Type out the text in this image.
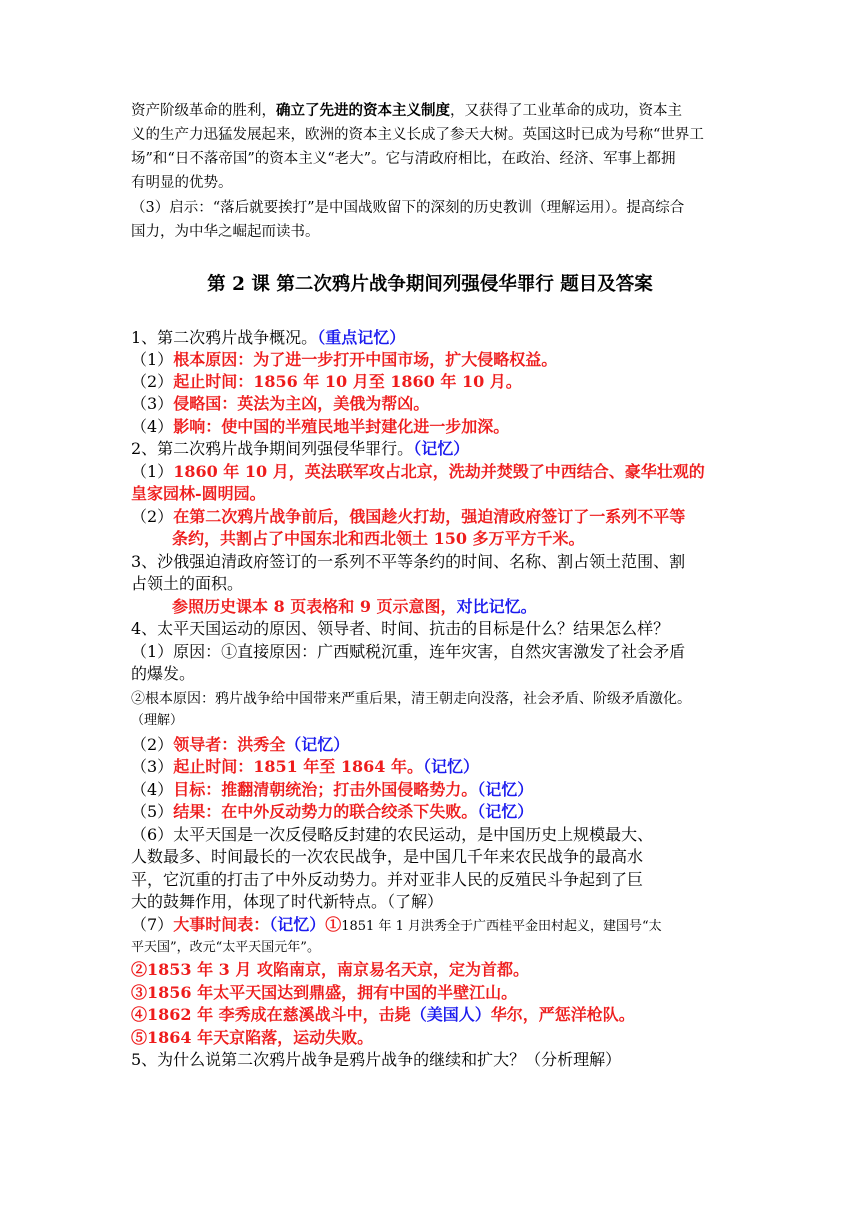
资产阶级革命的胜利，确立了先进的资本主义制度，又获得了工业革命的成功，资本主
义的生产力迅猛发展起来，欧洲的资本主义长成了参天大树。英国这时已成为号称“世界工
场”和“日不落帝国”的资本主义“老大”。它与清政府相比，在政治、经济、军事上都拥
有明显的优势。
（3）启示：“落后就要挨打”是中国战败留下的深刻的历史教训（理解运用）。提高综合
国力，为中华之崛起而读书。
第 2 课 第二次鸦片战争期间列强侵华罪行 题目及答案
1、第二次鸦片战争概况。（重点记忆）
（1）根本原因：为了进一步打开中国市场，扩大侵略权益。
（2）起止时间：1856 年 10 月至 1860 年 10 月。
（3）侵略国：英法为主凶，美俄为帮凶。
（4）影响：使中国的半殖民地半封建化进一步加深。
2、第二次鸦片战争期间列强侵华罪行。（记忆）
（1）1860 年 10 月，英法联军攻占北京，洗劫并焚毁了中西结合、豪华壮观的
皇家园林-圆明园。
（2）在第二次鸦片战争前后，俄国趁火打劫，强迫清政府签订了一系列不平等
条约，共割占了中国东北和西北领土 150 多万平方千米。
3、沙俄强迫清政府签订的一系列不平等条约的时间、名称、割占领土范围、割
占领土的面积。
参照历史课本 8 页表格和 9 页示意图，对比记忆。
4、太平天国运动的原因、领导者、时间、抗击的目标是什么？结果怎么样？
（1）原因：①直接原因：广西赋税沉重，连年灾害，自然灾害激发了社会矛盾
的爆发。
②根本原因：鸦片战争给中国带来严重后果，清王朝走向没落，社会矛盾、阶级矛盾激化。
（理解）
（2）领导者：洪秀全（记忆）
（3）起止时间：1851 年至 1864 年。（记忆）
（4）目标：推翻清朝统治；打击外国侵略势力。（记忆）
（5）结果：在中外反动势力的联合绞杀下失败。（记忆）
（6）太平天国是一次反侵略反封建的农民运动，是中国历史上规模最大、
人数最多、时间最长的一次农民战争，是中国几千年来农民战争的最高水
平，它沉重的打击了中外反动势力。并对亚非人民的反殖民斗争起到了巨
大的鼓舞作用，体现了时代新特点。（了解）
（7）大事时间表：（记忆）①1851 年 1 月洪秀全于广西桂平金田村起义，建国号“太
平天国”，改元“太平天国元年”。
②1853 年 3 月 攻陷南京，南京易名天京，定为首都。
③1856 年太平天国达到鼎盛，拥有中国的半壁江山。
④1862 年 李秀成在慈溪战斗中，击毙（美国人）华尔，严惩洋枪队。
⑤1864 年天京陷落，运动失败。
5、为什么说第二次鸦片战争是鸦片战争的继续和扩大？（分析理解）
